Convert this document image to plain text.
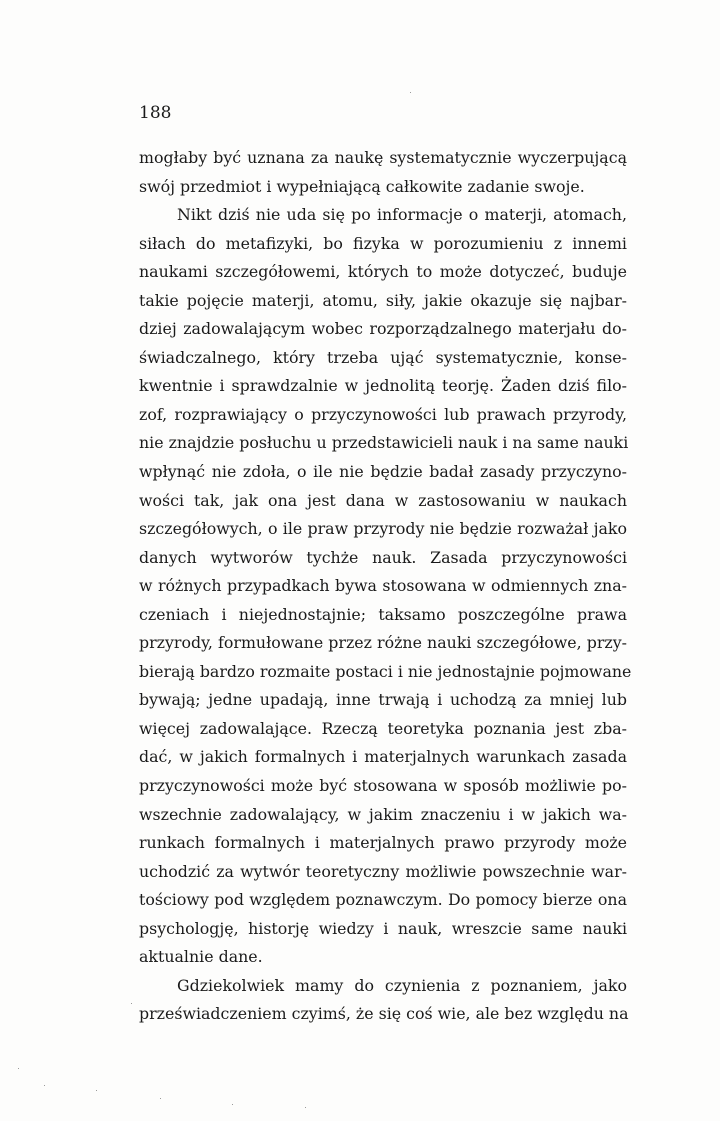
188
mogłaby być uznana za naukę systematycznie wyczerpującą
swój przedmiot i wypełniającą całkowite zadanie swoje.
Nikt dziś nie uda się po informacje o materji, atomach,
siłach do metafizyki, bo fizyka w porozumieniu z innemi
naukami szczegółowemi, których to może dotyczeć, buduje
takie pojęcie materji, atomu, siły, jakie okazuje się najbar-
dziej zadowalającym wobec rozporządzalnego materjału do-
świadczalnego, który trzeba ująć systematycznie, konse-
kwentnie i sprawdzalnie w jednolitą teorję. Żaden dziś filo-
zof, rozprawiający o przyczynowości lub prawach przyrody,
nie znajdzie posłuchu u przedstawicieli nauk i na same nauki
wpłynąć nie zdoła, o ile nie będzie badał zasady przyczyno-
wości tak, jak ona jest dana w zastosowaniu w naukach
szczegółowych, o ile praw przyrody nie będzie rozważał jako
danych wytworów tychże nauk. Zasada przyczynowości
w różnych przypadkach bywa stosowana w odmiennych zna-
czeniach i niejednostajnie; taksamo poszczególne prawa
przyrody, formułowane przez różne nauki szczegółowe, przy-
bierają bardzo rozmaite postaci i nie jednostajnie pojmowane
bywają; jedne upadają, inne trwają i uchodzą za mniej lub
więcej zadowalające. Rzeczą teoretyka poznania jest zba-
dać, w jakich formalnych i materjalnych warunkach zasada
przyczynowości może być stosowana w sposób możliwie po-
wszechnie zadowalający, w jakim znaczeniu i w jakich wa-
runkach formalnych i materjalnych prawo przyrody może
uchodzić za wytwór teoretyczny możliwie powszechnie war-
tościowy pod względem poznawczym. Do pomocy bierze ona
psychologję, historję wiedzy i nauk, wreszcie same nauki
aktualnie dane.
Gdziekolwiek mamy do czynienia z poznaniem, jako
przeświadczeniem czyimś, że się coś wie, ale bez względu na
